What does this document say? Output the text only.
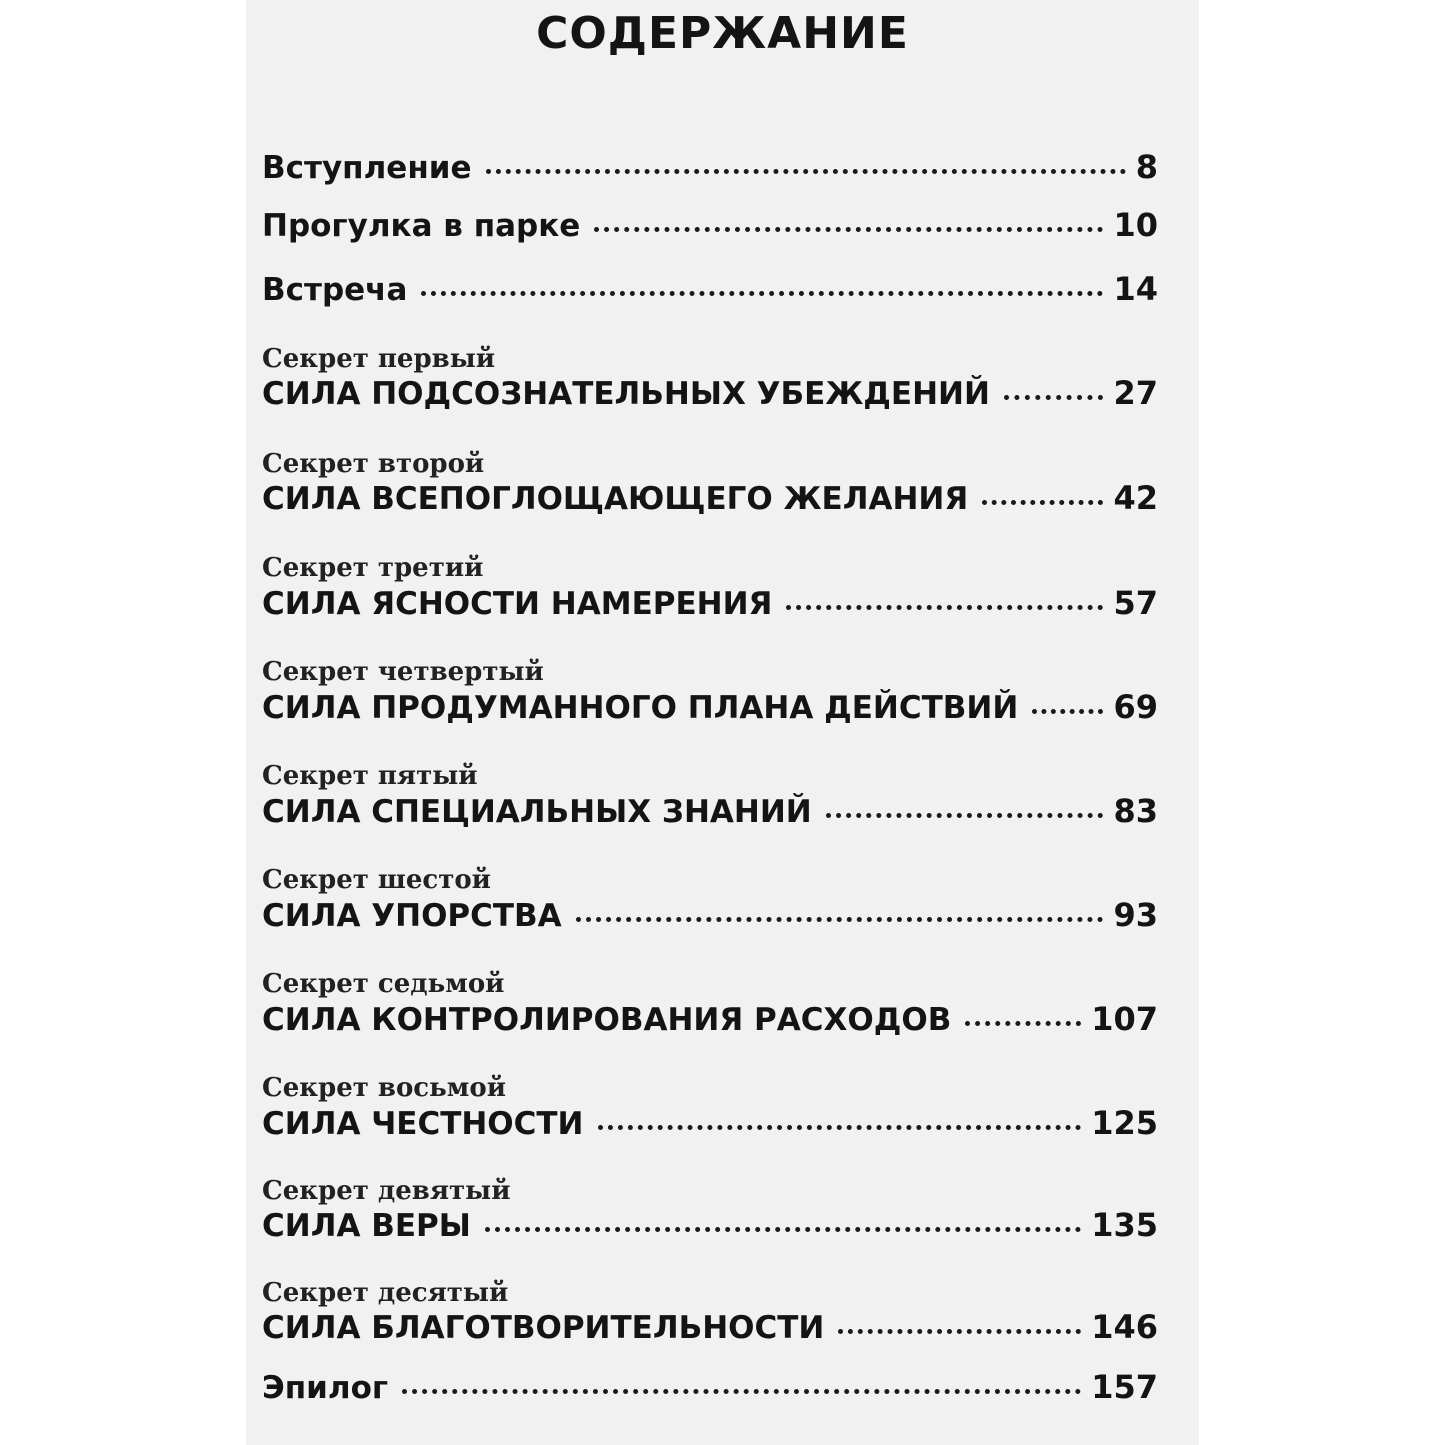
СОДЕРЖАНИЕ
Вступление	8
Прогулка в парке	10
Встреча	14
Секрет первый
СИЛА ПОДСОЗНАТЕЛЬНЫХ УБЕЖДЕНИЙ	27
Секрет второй
СИЛА ВСЕПОГЛОЩАЮЩЕГО ЖЕЛАНИЯ	42
Секрет третий
СИЛА ЯСНОСТИ НАМЕРЕНИЯ	57
Секрет четвертый
СИЛА ПРОДУМАННОГО ПЛАНА ДЕЙСТВИЙ	69
Секрет пятый
СИЛА СПЕЦИАЛЬНЫХ ЗНАНИЙ	83
Секрет шестой
СИЛА УПОРСТВА	93
Секрет седьмой
СИЛА КОНТРОЛИРОВАНИЯ РАСХОДОВ	107
Секрет восьмой
СИЛА ЧЕСТНОСТИ	125
Секрет девятый
СИЛА ВЕРЫ	135
Секрет десятый
СИЛА БЛАГОТВОРИТЕЛЬНОСТИ	146
Эпилог	157
